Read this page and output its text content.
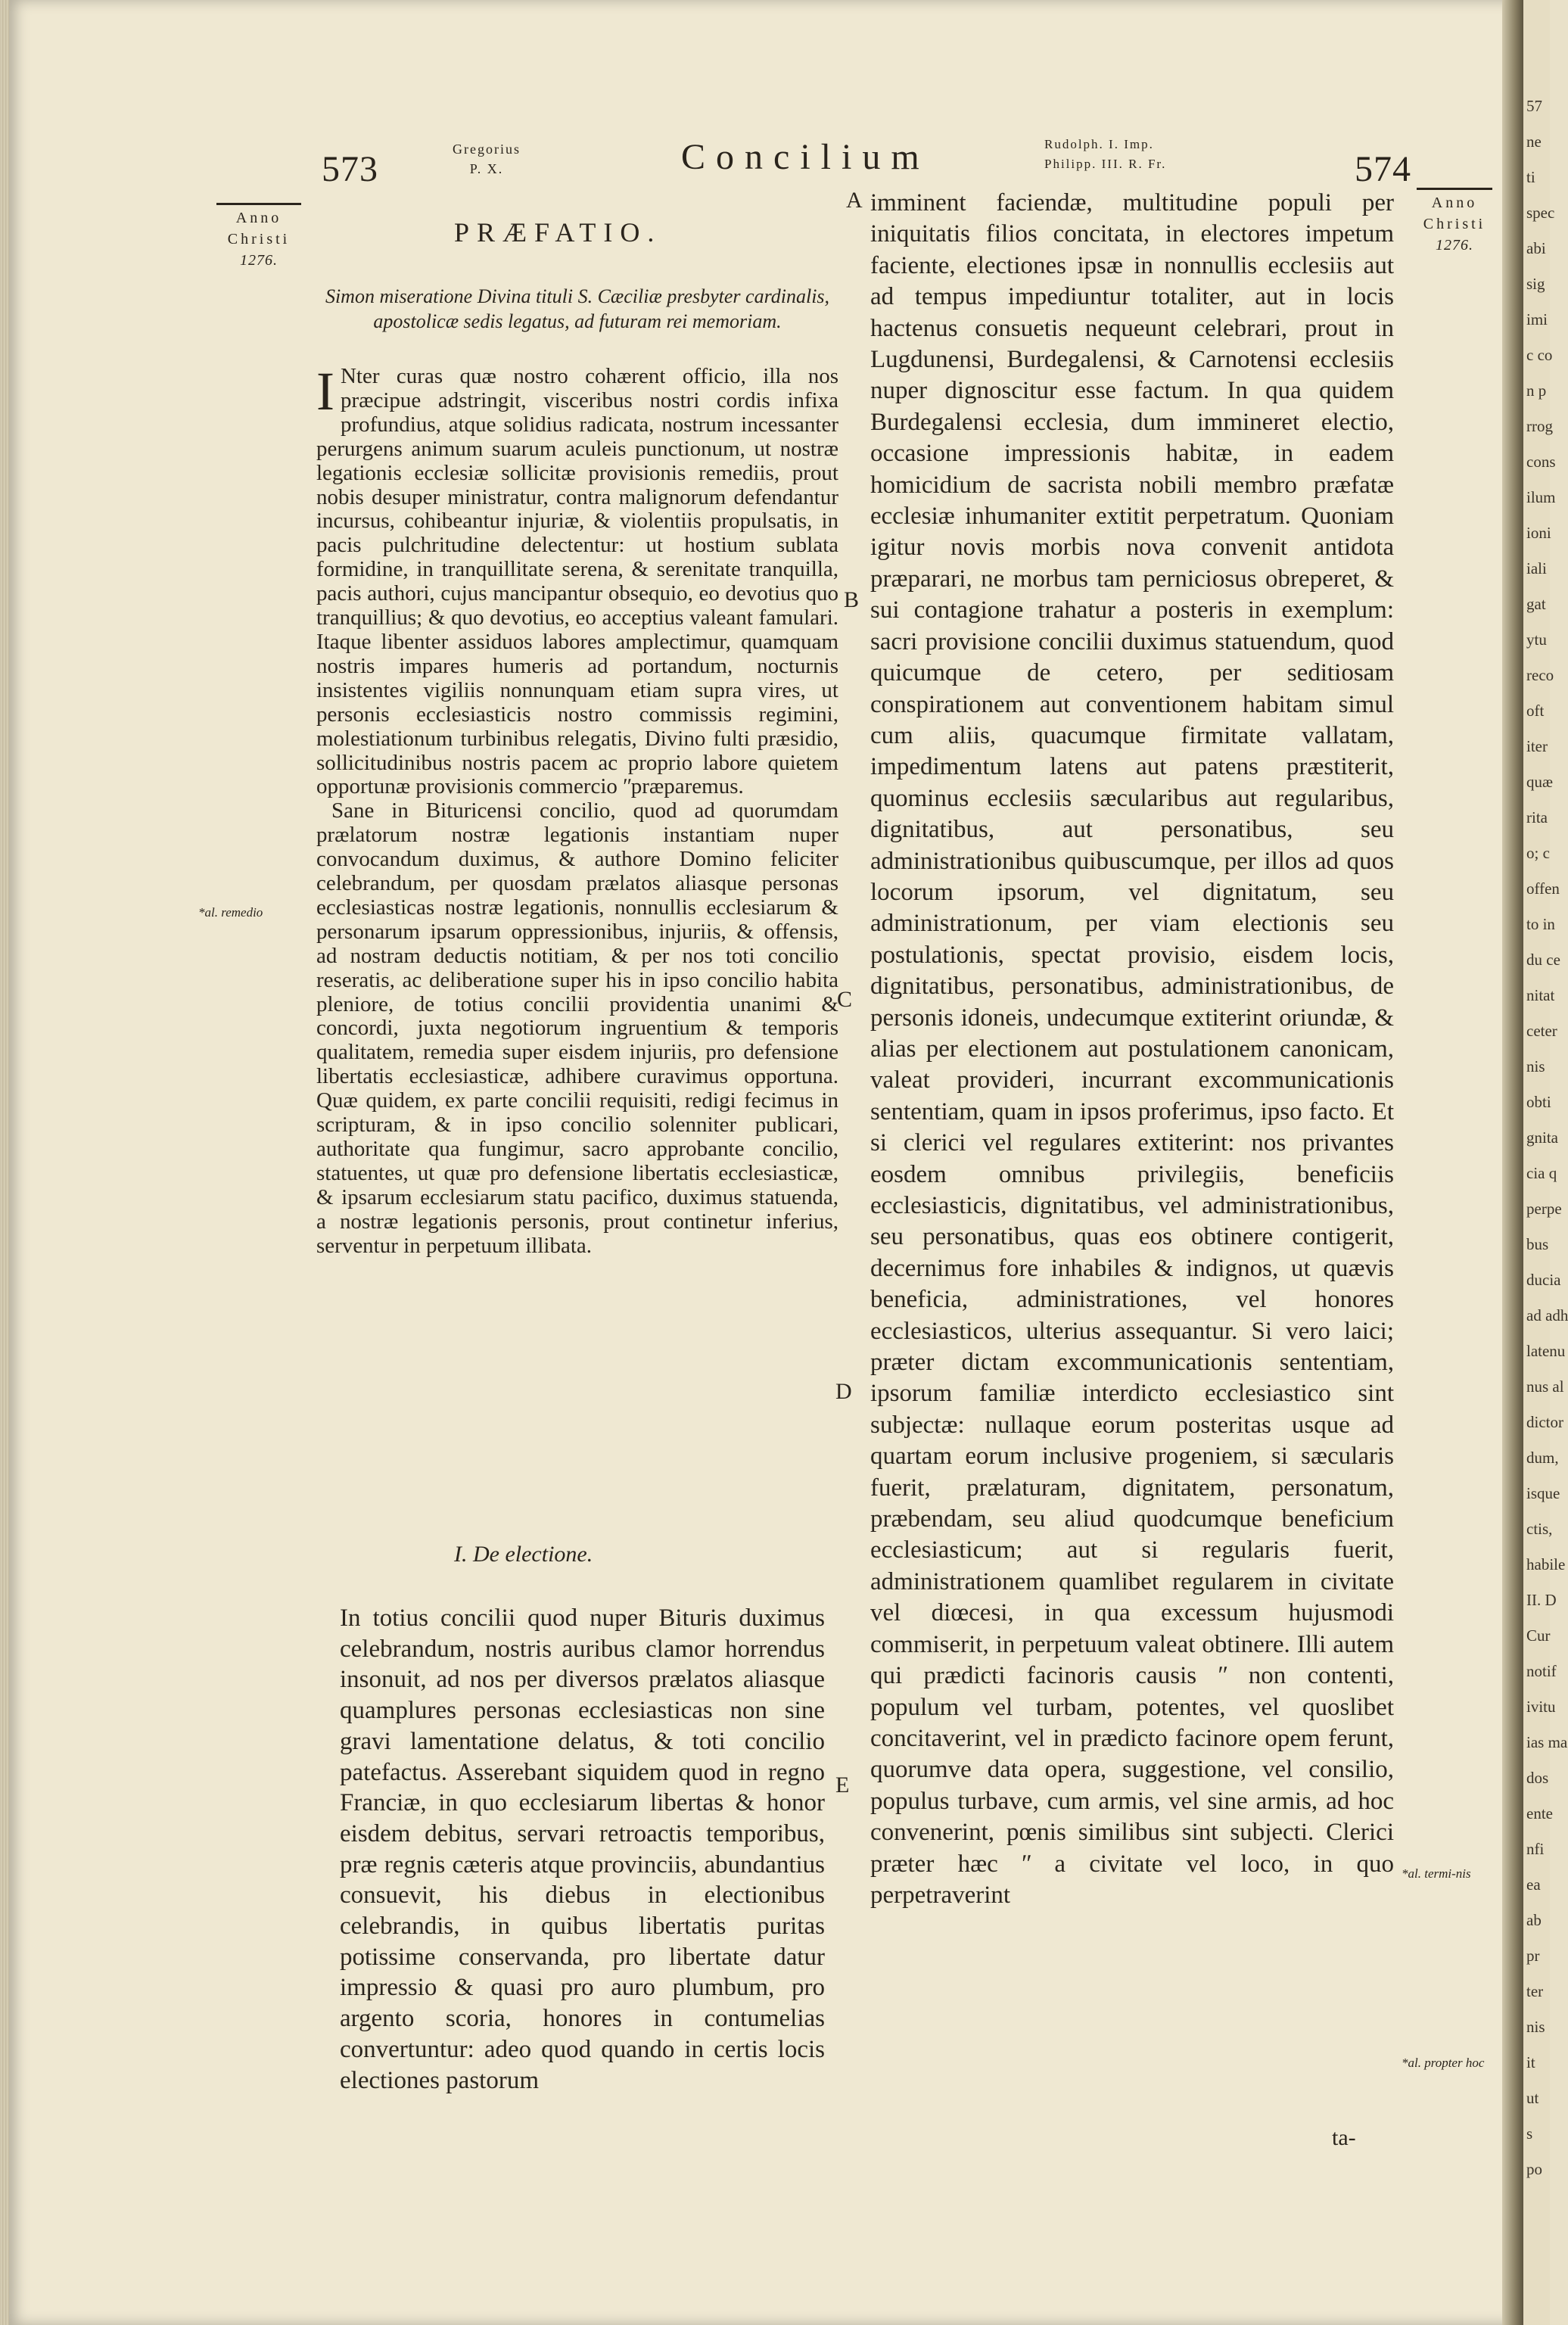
57
ne
ti
spec
abi
sig
imi
c co
n p
rrog
cons
ilum
ioni
iali
gat
ytu
reco
oft
iter
quæ
rita
o; c
offen
to in
du ce
nitat
ceter
nis
obti
gnita
cia q
perpe
bus
ducia
ad adh
latenu
nus al
dictor
dum,
isque
ctis,
habile
II. D
Cur
notif
ivitu
ias ma
dos
ente
nfi
ea
ab
pr
ter
nis
it
ut
s
po
573	Gregorius
P. X.	Concilium	Rudolph. I. Imp.
Philipp. III. R. Fr.	574
Anno
Christi
1276.
Anno
Christi
1276.
PRÆFATIO.
Simon miseratione Divina tituli S. Cæciliæ presbyter cardinalis, apostolicæ sedis legatus, ad futuram rei memoriam.

I Nter curas quæ nostro cohærent officio, illa nos præcipue adstringit, visceribus nostri cordis infixa profundius, atque solidius radicata, nostrum incessanter perurgens animum suarum aculeis punctionum, ut nostræ legationis ecclesiæ sollicitæ provisionis remediis, prout nobis desuper ministratur, contra malignorum defendantur incursus, cohibeantur injuriæ, & violentiis propulsatis, in pacis pulchritudine delectentur: ut hostium sublata formidine, in tranquillitate serena, & serenitate tranquilla, pacis authori, cujus mancipantur obsequio, eo devotius quo tranquillius; & quo devotius, eo acceptius valeant famulari. Itaque libenter assiduos labores amplectimur, quamquam nostris impares humeris ad portandum, nocturnis insistentes vigiliis nonnunquam etiam supra vires, ut personis ecclesiasticis nostro commissis regimini, molestiationum turbinibus relegatis, Divino fulti præsidio, sollicitudinibus nostris pacem ac proprio labore quietem opportunæ provisionis commercio ʺpræparemus.

Sane in Bituricensi concilio, quod ad quorumdam prælatorum nostræ legationis instantiam nuper convocandum duximus, & authore Domino feliciter celebrandum, per quosdam prælatos aliasque personas ecclesiasticas nostræ legationis, nonnullis ecclesiarum & personarum ipsarum oppressionibus, injuriis, & offensis, ad nostram deductis notitiam, & per nos toti concilio reseratis, ac deliberatione super his in ipso concilio habita pleniore, de totius concilii providentia unanimi & concordi, juxta negotiorum ingruentium & temporis qualitatem, remedia super eisdem injuriis, pro defensione libertatis ecclesiasticæ, adhibere curavimus opportuna. Quæ quidem, ex parte concilii requisiti, redigi fecimus in scripturam, & in ipso concilio solenniter publicari, authoritate qua fungimur, sacro approbante concilio, statuentes, ut quæ pro defensione libertatis ecclesiasticæ, & ipsarum ecclesiarum statu pacifico, duximus statuenda, a nostræ legationis personis, prout continetur inferius, serventur in perpetuum illibata.

I. De electione.

In totius concilii quod nuper Bituris duximus celebrandum, nostris auribus clamor horrendus insonuit, ad nos per diversos prælatos aliasque quamplures personas ecclesiasticas non sine gravi lamentatione delatus, & toti concilio patefactus. Asserebant siquidem quod in regno Franciæ, in quo ecclesiarum libertas & honor eisdem debitus, servari retroactis temporibus, præ regnis cæteris atque provinciis, abundantius consuevit, his diebus in electionibus celebrandis, in quibus libertatis puritas potissime conservanda, pro libertate datur impressio & quasi pro auro plumbum, pro argento scoria, honores in contumelias convertuntur: adeo quod quando in certis locis electiones pastorum

imminent faciendæ, multitudine populi per iniquitatis filios concitata, in electores impetum faciente, electiones ipsæ in nonnullis ecclesiis aut ad tempus impediuntur totaliter, aut in locis hactenus consuetis nequeunt celebrari, prout in Lugdunensi, Burdegalensi, & Carnotensi ecclesiis nuper dignoscitur esse factum. In qua quidem Burdegalensi ecclesia, dum immineret electio, occasione impressionis habitæ, in eadem homicidium de sacrista nobili membro præfatæ ecclesiæ inhumaniter extitit perpetratum. Quoniam igitur novis morbis nova convenit antidota præparari, ne morbus tam perniciosus obreperet, & sui contagione trahatur a posteris in exemplum: sacri provisione concilii duximus statuendum, quod quicumque de cetero, per seditiosam conspirationem aut conventionem habitam simul cum aliis, quacumque firmitate vallatam, impedimentum latens aut patens præstiterit, quominus ecclesiis sæcularibus aut regularibus, dignitatibus, aut personatibus, seu administrationibus quibuscumque, per illos ad quos locorum ipsorum, vel dignitatum, seu administrationum, per viam electionis seu postulationis, spectat provisio, eisdem locis, dignitatibus, personatibus, administrationibus, de personis idoneis, undecumque extiterint oriundæ, & alias per electionem aut postulationem canonicam, valeat provideri, incurrant excommunicationis sententiam, quam in ipsos proferimus, ipso facto. Et si clerici vel regulares extiterint: nos privantes eosdem omnibus privilegiis, beneficiis ecclesiasticis, dignitatibus, vel administrationibus, seu personatibus, quas eos obtinere contigerit, decernimus fore inhabiles & indignos, ut quævis beneficia, administrationes, vel honores ecclesiasticos, ulterius assequantur. Si vero laici; præter dictam excommunicationis sententiam, ipsorum familiæ interdicto ecclesiastico sint subjectæ: nullaque eorum posteritas usque ad quartam eorum inclusive progeniem, si sæcularis fuerit, prælaturam, dignitatem, personatum, præbendam, seu aliud quodcumque beneficium ecclesiasticum; aut si regularis fuerit, administrationem quamlibet regularem in civitate vel diœcesi, in qua excessum hujusmodi commiserit, in perpetuum valeat obtinere. Illi autem qui prædicti facinoris causis ʺ non contenti, populum vel turbam, potentes, vel quoslibet concitaverint, vel in prædicto facinore opem ferunt, quorumve data opera, suggestione, vel consilio, populus turbave, cum armis, vel sine armis, ad hoc convenerint, pœnis similibus sint subjecti. Clerici præter hæc ʺ a civitate vel loco, in quo perpetraverint

ta-
A
B
C
D
E
*al. remedio
*al. termi-nis
*al. propter hoc
